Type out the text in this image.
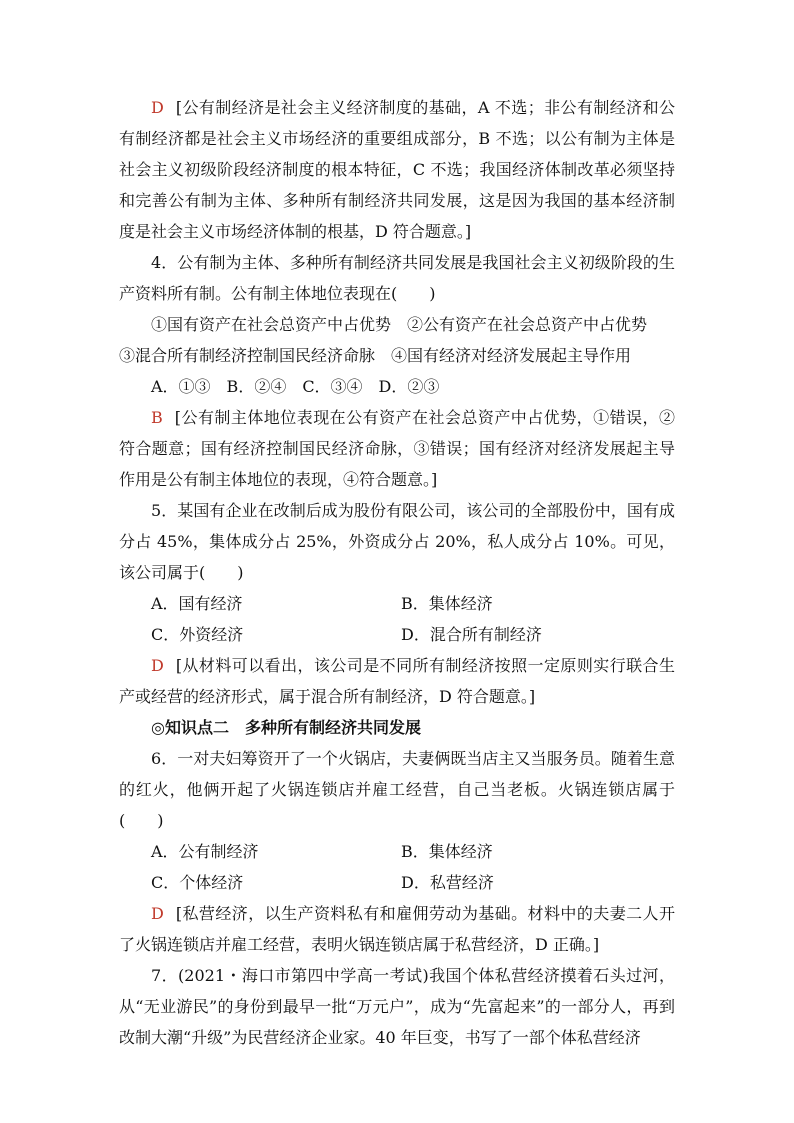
D [公有制经济是社会主义经济制度的基础，A 不选；非公有制经济和公有制经济都是社会主义市场经济的重要组成部分，B 不选；以公有制为主体是社会主义初级阶段经济制度的根本特征，C 不选；我国经济体制改革必须坚持和完善公有制为主体、多种所有制经济共同发展，这是因为我国的基本经济制度是社会主义市场经济体制的根基，D 符合题意。]

4．公有制为主体、多种所有制经济共同发展是我国社会主义初级阶段的生产资料所有制。公有制主体地位表现在(　　)

①国有资产在社会总资产中占优势　②公有资产在社会总资产中占优势

③混合所有制经济控制国民经济命脉　④国有经济对经济发展起主导作用

A．①③　B．②④　C．③④　D．②③

B [公有制主体地位表现在公有资产在社会总资产中占优势，①错误，②符合题意；国有经济控制国民经济命脉，③错误；国有经济对经济发展起主导作用是公有制主体地位的表现，④符合题意。]

5．某国有企业在改制后成为股份有限公司，该公司的全部股份中，国有成分占 45%，集体成分占 25%，外资成分占 20%，私人成分占 10%。可见，该公司属于(　　)

A．国有经济	B．集体经济
C．外资经济	D．混合所有制经济

D [从材料可以看出，该公司是不同所有制经济按照一定原则实行联合生产或经营的经济形式，属于混合所有制经济，D 符合题意。]

◎知识点二　多种所有制经济共同发展

6．一对夫妇筹资开了一个火锅店，夫妻俩既当店主又当服务员。随着生意的红火，他俩开起了火锅连锁店并雇工经营，自己当老板。火锅连锁店属于(　　)

A．公有制经济	B．集体经济
C．个体经济	D．私营经济

D [私营经济，以生产资料私有和雇佣劳动为基础。材料中的夫妻二人开了火锅连锁店并雇工经营，表明火锅连锁店属于私营经济，D 正确。]

7．(2021・海口市第四中学高一考试)我国个体私营经济摸着石头过河，从“无业游民”的身份到最早一批“万元户”，成为“先富起来”的一部分人，再到改制大潮“升级”为民营经济企业家。40 年巨变，书写了一部个体私营经济
